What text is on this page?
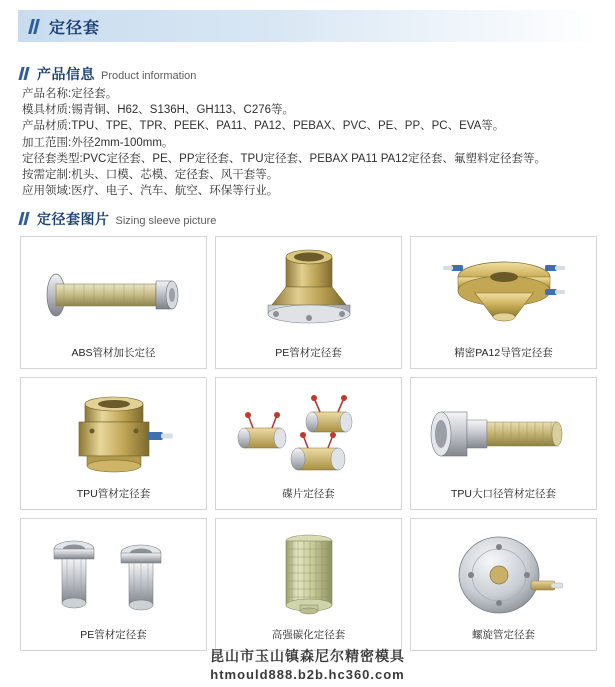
定径套
产品信息 Product information
产品名称:定径套。
模具材质:锡青铜、H62、S136H、GH113、C276等。
产品材质:TPU、TPE、TPR、PEEK、PA11、PA12、PEBAX、PVC、PE、PP、PC、EVA等。
加工范围:外径2mm-100mm。
定径套类型:PVC定径套、PE、PP定径套、TPU定径套、PEBAX PA11 PA12定径套、氟塑料定径套等。
按需定制:机头、口模、芯模、定径套、风干套等。
应用领域:医疗、电子、汽车、航空、环保等行业。
定径套图片 Sizing sleeve picture
ABS管材加长定径	PE管材定径套	精密PA12导管定径套
TPU管材定径套	碟片定径套	TPU大口径管材定径套
PE管材定径套	高强碳化定径套	螺旋管定径套
昆山市玉山镇森尼尔精密模具
htmould888.b2b.hc360.com
